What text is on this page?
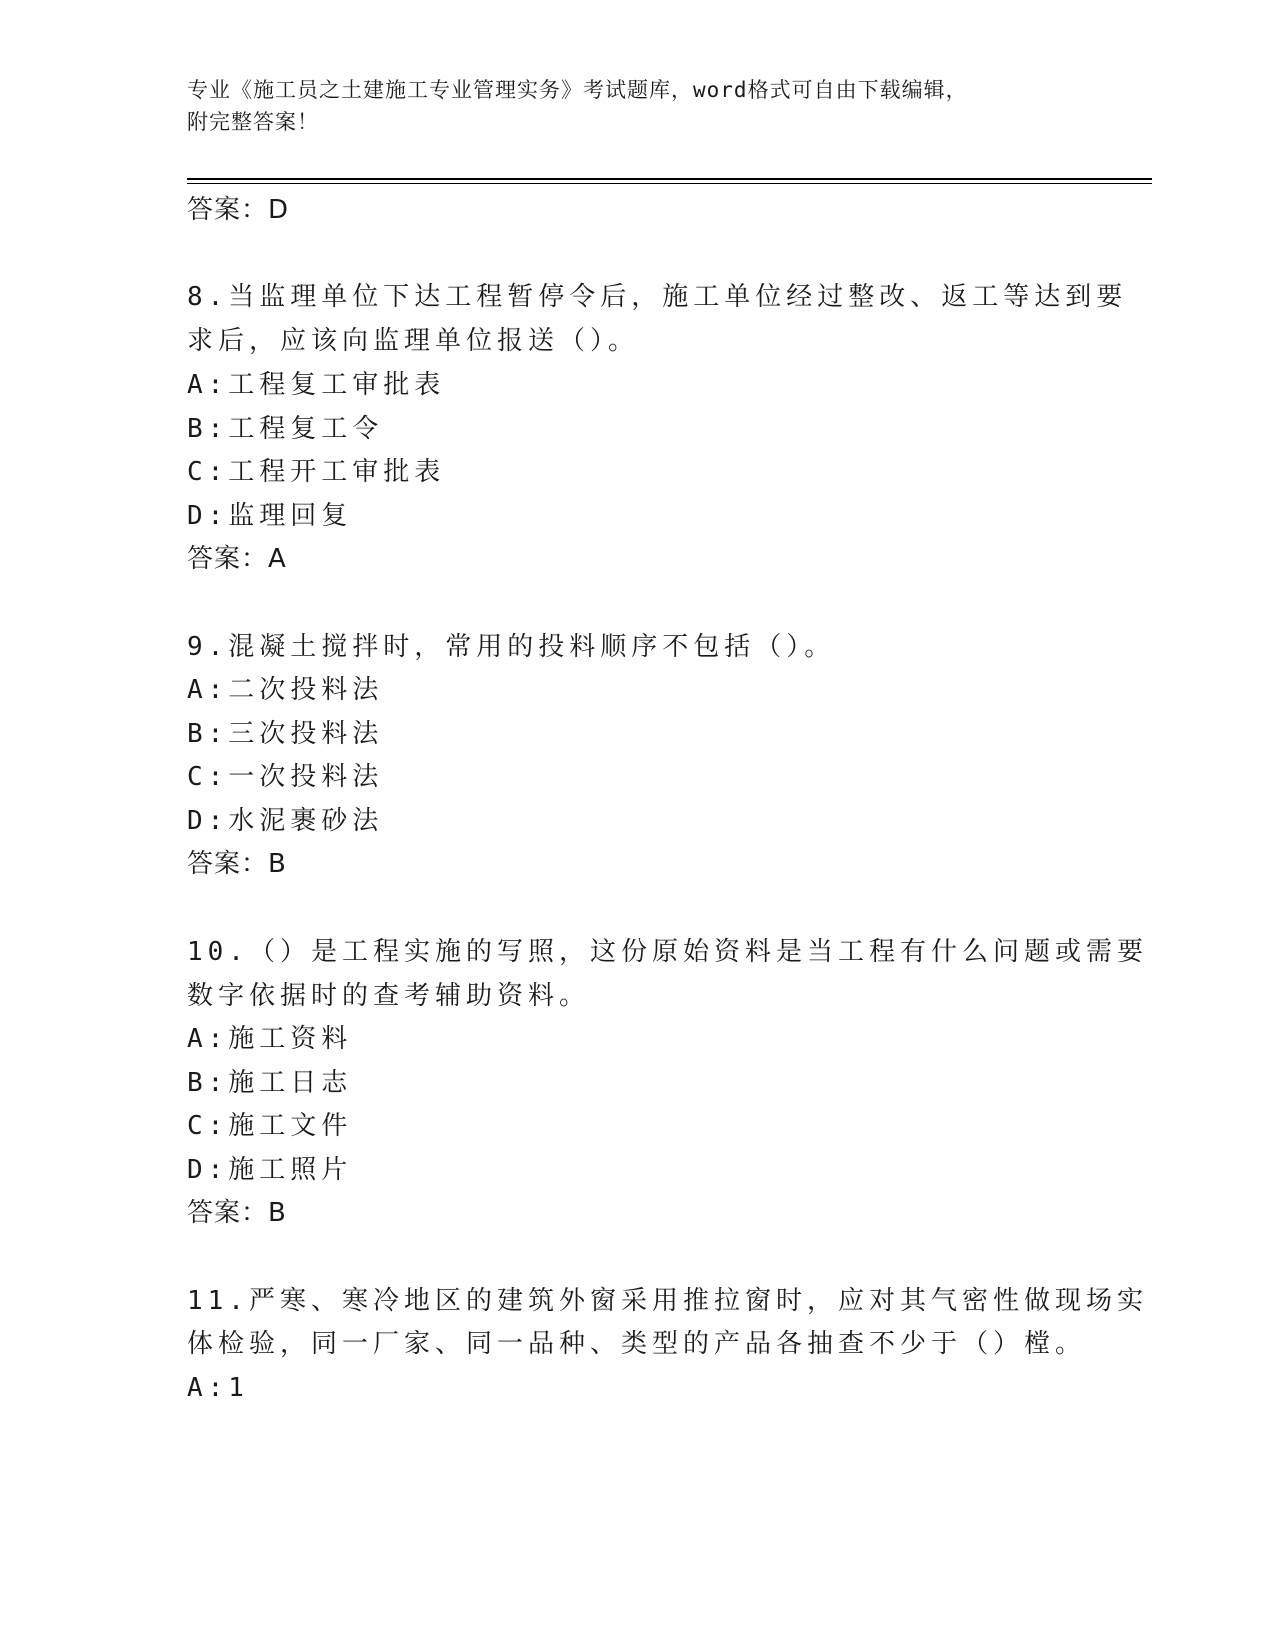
专业《施工员之土建施工专业管理实务》考试题库，word格式可自由下载编辑，
附完整答案！
答案：D
8.当监理单位下达工程暂停令后，施工单位经过整改、返工等达到要
求后，应该向监理单位报送（）。
A:工程复工审批表
B:工程复工令
C:工程开工审批表
D:监理回复
答案：A
9.混凝土搅拌时，常用的投料顺序不包括（）。
A:二次投料法
B:三次投料法
C:一次投料法
D:水泥裹砂法
答案：B
10.（）是工程实施的写照，这份原始资料是当工程有什么问题或需要
数字依据时的查考辅助资料。
A:施工资料
B:施工日志
C:施工文件
D:施工照片
答案：B
11.严寒、寒冷地区的建筑外窗采用推拉窗时，应对其气密性做现场实
体检验，同一厂家、同一品种、类型的产品各抽查不少于（）樘。
A:1
